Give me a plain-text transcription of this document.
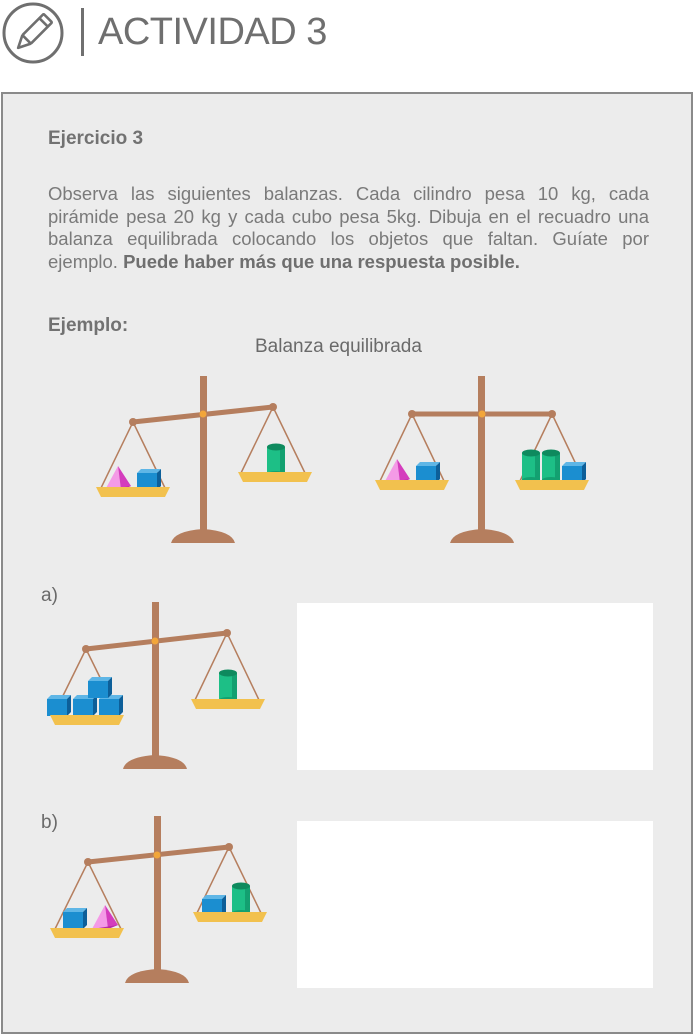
ACTIVIDAD 3
Ejercicio 3
Observa las siguientes balanzas. Cada cilindro pesa 10 kg, cada pirámide pesa 20 kg y cada cubo pesa 5kg. Dibuja en el recuadro una balanza equilibrada colocando los objetos que faltan. Guíate por ejemplo. Puede haber más que una respuesta posible.
Ejemplo:
Balanza equilibrada
a)
b)
